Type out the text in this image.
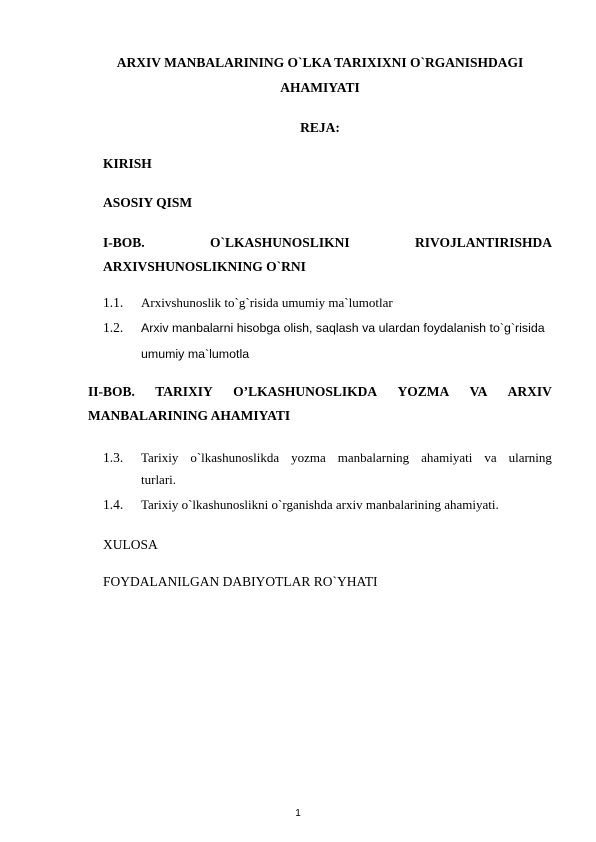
ARXIV MANBALARINING O`LKA TARIXIXNI O`RGANISHDAGI
AHAMIYATI
REJA:
KIRISH
ASOSIY QISM
I-BOB.	O`LKASHUNOSLIKNI	RIVOJLANTIRISHDA
ARXIVSHUNOSLIKNING O`RNI
1.1. Arxivshunoslik to`g`risida umumiy ma`lumotlar
1.2. Arxiv manbalarni hisobga olish, saqlash va ulardan foydalanish to`g`risida
umumiy ma`lumotla
II-BOB. TARIXIY O’LKASHUNOSLIKDA YOZMA VA ARXIV
MANBALARINING AHAMIYATI
1.3. Tarixiy o`lkashunoslikda yozma manbalarning ahamiyati va ularning
turlari.
1.4. Tarixiy o`lkashunoslikni o`rganishda arxiv manbalarining ahamiyati.
XULOSA
FOYDALANILGAN DABIYOTLAR RO`YHATI
1
